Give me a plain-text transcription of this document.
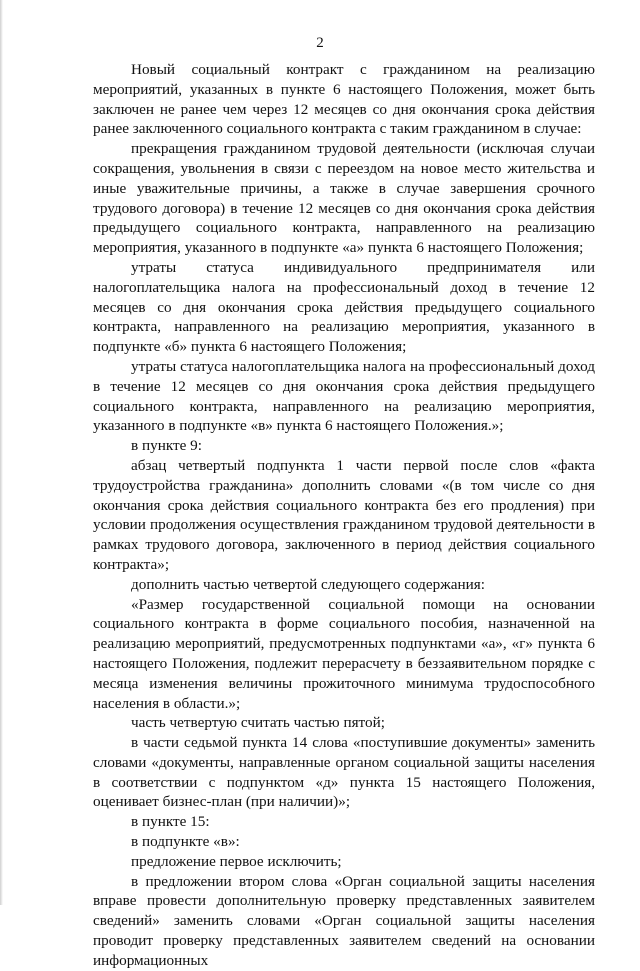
2

Новый социальный контракт с гражданином на реализацию мероприятий, указанных в пункте 6 настоящего Положения, может быть заключен не ранее чем через 12 месяцев со дня окончания срока действия ранее заключенного социального контракта с таким гражданином в случае:

прекращения гражданином трудовой деятельности (исключая случаи сокращения, увольнения в связи с переездом на новое место жительства и иные уважительные причины, а также в случае завершения срочного трудового договора) в течение 12 месяцев со дня окончания срока действия предыдущего социального контракта, направленного на реализацию мероприятия, указанного в подпункте «а» пункта 6 настоящего Положения;

утраты статуса индивидуального предпринимателя или налогоплательщика налога на профессиональный доход в течение 12 месяцев со дня окончания срока действия предыдущего социального контракта, направленного на реализацию мероприятия, указанного в подпункте «б» пункта 6 настоящего Положения;

утраты статуса налогоплательщика налога на профессиональный доход в течение 12 месяцев со дня окончания срока действия предыдущего социального контракта, направленного на реализацию мероприятия, указанного в подпункте «в» пункта 6 настоящего Положения.»;

в пункте 9:

абзац четвертый подпункта 1 части первой после слов «факта трудоустройства гражданина» дополнить словами «(в том числе со дня окончания срока действия социального контракта без его продления) при условии продолжения осуществления гражданином трудовой деятельности в рамках трудового договора, заключенного в период действия социального контракта»;

дополнить частью четвертой следующего содержания:

«Размер государственной социальной помощи на основании социального контракта в форме социального пособия, назначенной на реализацию мероприятий, предусмотренных подпунктами «а», «г» пункта 6 настоящего Положения, подлежит перерасчету в беззаявительном порядке с месяца изменения величины прожиточного минимума трудоспособного населения в области.»;

часть четвертую считать частью пятой;

в части седьмой пункта 14 слова «поступившие документы» заменить словами «документы, направленные органом социальной защиты населения в соответствии с подпунктом «д» пункта 15 настоящего Положения, оценивает бизнес-план (при наличии)»;

в пункте 15:

в подпункте «в»:

предложение первое исключить;

в предложении втором слова «Орган социальной защиты населения вправе провести дополнительную проверку представленных заявителем сведений» заменить словами «Орган социальной защиты населения проводит проверку представленных заявителем сведений на основании информационных
